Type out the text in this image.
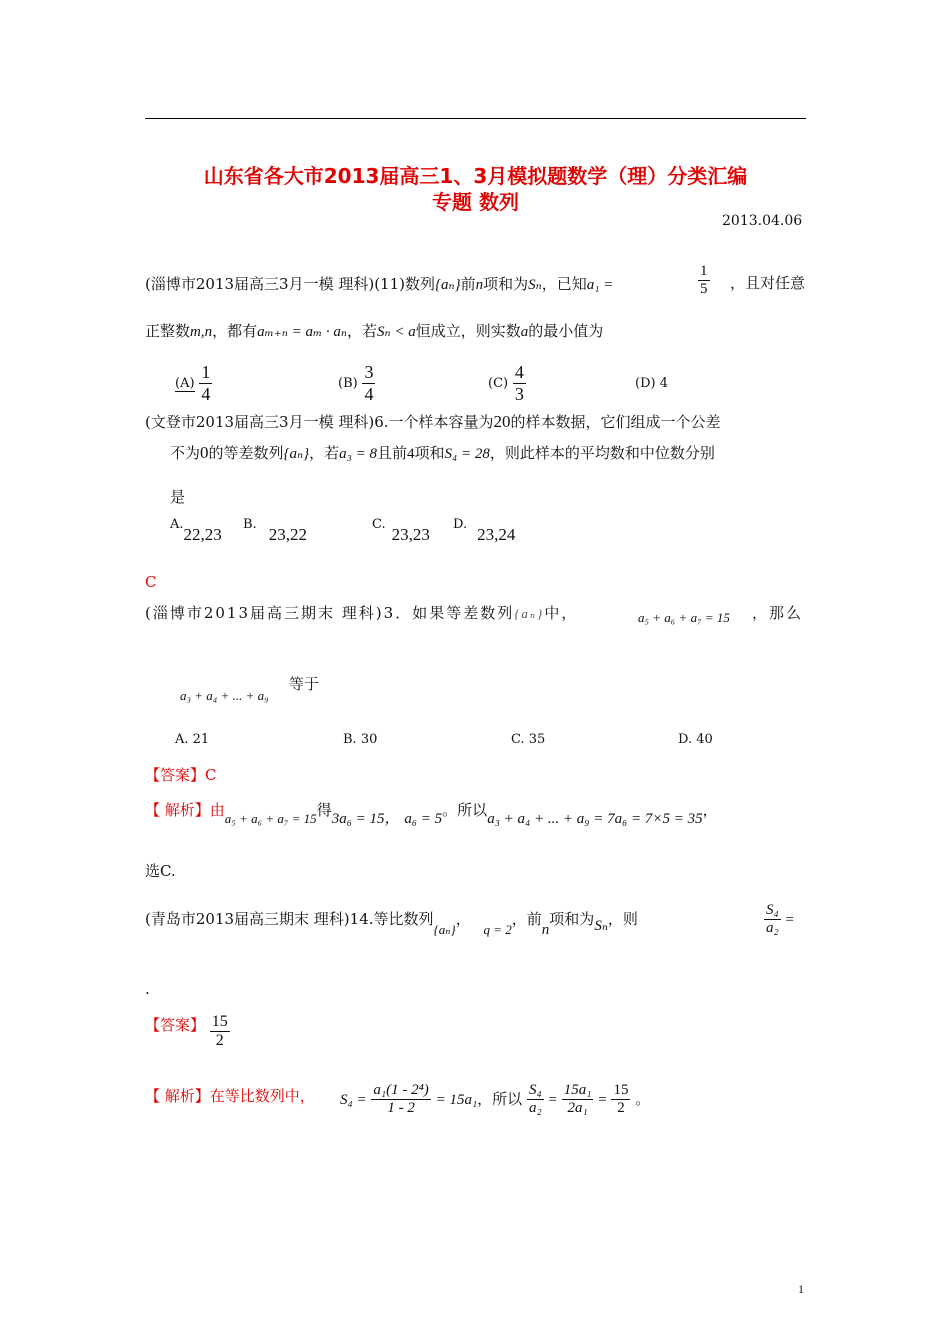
山东省各大市2013届高三1、3月模拟题数学（理）分类汇编
专题 数列
2013.04.06
(淄博市2013届高三3月一模 理科)(11)数列{aₙ}前n项和为Sₙ，已知a₁ =	$\frac{1}{5}$ ，且对任意
正整数m,n，都有aₘ₊ₙ = aₘ · aₙ，若Sₙ < a恒成立，则实数a的最小值为
$(A) \frac{1}{4}$	$(B) \frac{3}{4}$	$(C) \frac{4}{3}$	(D) 4
(文登市2013届高三3月一模 理科)6.一个样本容量为20的样本数据，它们组成一个公差
不为0的等差数列{aₙ}，若a₃ = 8且前4项和S₄ = 28，则此样本的平均数和中位数分别
是
A.22,23
B.23,22
C.23,23
D.23,24
C
(淄博市2013届高三期末 理科)3．如果等差数列{aₙ}中，	a₅ + a₆ + a₇ = 15 ，那么
a₃ + a₄ + ... + a₉
等于
A. 21	B. 30	C. 35	D. 40
【答案】C
【 解析】由a₅ + a₆ + a₇ = 15得3a₆ = 15， a₆ = 5。所以a₃ + a₄ + ... + a₉ = 7a₆ = 7×5 = 35，
选C.
(青岛市2013届高三期末 理科)14.等比数列{aₙ}， q = 2，前n项和为Sₙ，则	$\frac{\text{S₄}}{\text{a₂}}$ =
.
【答案】 $\frac{15}{2}$
【 解析】在等比数列中， $S_4 = \frac{\text{a₁(1 - 2⁴)}}{1 - 2} = 15a_1$，所以 $\frac{\text{S₄}}{\text{a₂}} = \frac{\text{15a₁}}{\text{2a₁}} = \frac{15}{2}$ 。
1
